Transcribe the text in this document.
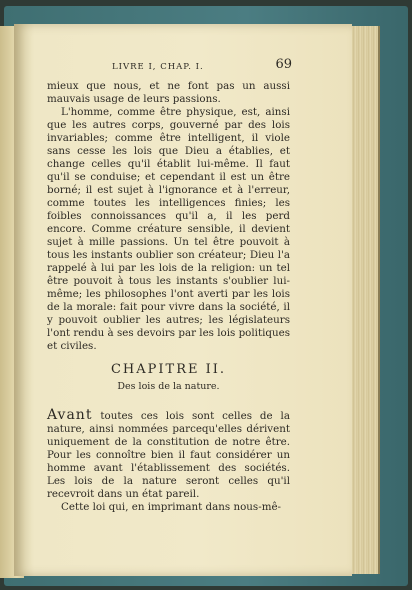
LIVRE I, CHAP. I.	69

mieux que nous, et ne font pas un aussi mauvais usage de leurs passions.

L'homme, comme être physique, est, ainsi que les autres corps, gouverné par des lois invariables; comme être intelligent, il viole sans cesse les lois que Dieu a établies, et change celles qu'il établit lui-même. Il faut qu'il se conduise; et cependant il est un être borné; il est sujet à l'ignorance et à l'erreur, comme toutes les intelligences finies; les foibles connoissances qu'il a, il les perd encore. Comme créature sensible, il devient sujet à mille passions. Un tel être pouvoit à tous les instants oublier son créateur; Dieu l'a rappelé à lui par les lois de la religion: un tel être pouvoit à tous les instants s'oublier lui-même; les philosophes l'ont averti par les lois de la morale: fait pour vivre dans la société, il y pouvoit oublier les autres; les législateurs l'ont rendu à ses devoirs par les lois politiques et civiles.

CHAPITRE II.
Des lois de la nature.

Avant toutes ces lois sont celles de la nature, ainsi nommées parcequ'elles dérivent uniquement de la constitution de notre être. Pour les connoître bien il faut considérer un homme avant l'établissement des sociétés. Les lois de la nature seront celles qu'il recevroit dans un état pareil.

Cette loi qui, en imprimant dans nous-mê-
